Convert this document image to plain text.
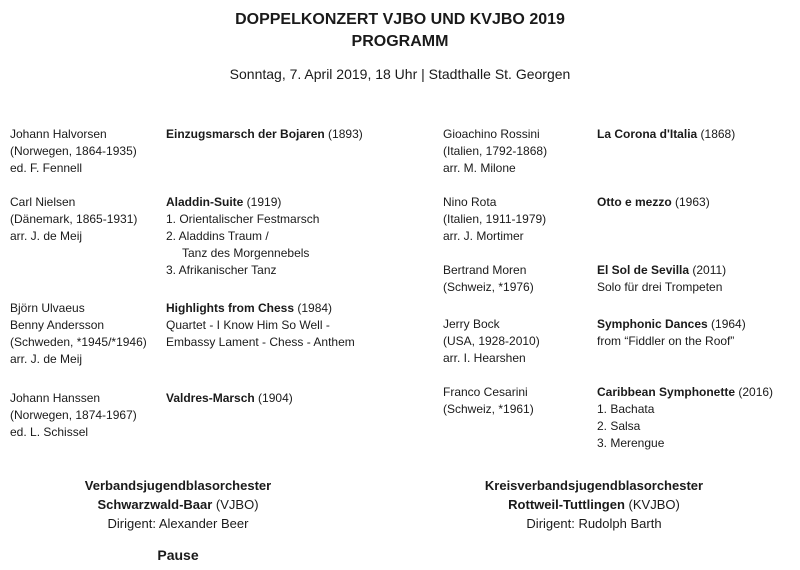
DOPPELKONZERT VJBO UND KVJBO 2019
PROGRAMM
Sonntag, 7. April 2019, 18 Uhr | Stadthalle St. Georgen
Johann Halvorsen
(Norwegen, 1864-1935)
ed. F. Fennell
Einzugsmarsch der Bojaren (1893)
Carl Nielsen
(Dänemark, 1865-1931)
arr. J. de Meij
Aladdin-Suite (1919)
1. Orientalischer Festmarsch
2. Aladdins Traum /
Tanz des Morgennebels
3. Afrikanischer Tanz
Björn Ulvaeus
Benny Andersson
(Schweden, *1945/*1946)
arr. J. de Meij
Highlights from Chess (1984)
Quartet - I Know Him So Well -
Embassy Lament - Chess - Anthem
Johann Hanssen
(Norwegen, 1874-1967)
ed. L. Schissel
Valdres-Marsch (1904)
Gioachino Rossini
(Italien, 1792-1868)
arr. M. Milone
La Corona d'Italia (1868)
Nino Rota
(Italien, 1911-1979)
arr. J. Mortimer
Otto e mezzo (1963)
Bertrand Moren
(Schweiz, *1976)
El Sol de Sevilla (2011)
Solo für drei Trompeten
Jerry Bock
(USA, 1928-2010)
arr. I. Hearshen
Symphonic Dances (1964)
from “Fiddler on the Roof”
Franco Cesarini
(Schweiz, *1961)
Caribbean Symphonette (2016)
1. Bachata
2. Salsa
3. Merengue
Verbandsjugendblasorchester
Schwarzwald-Baar (VJBO)
Dirigent: Alexander Beer
Kreisverbandsjugendblasorchester
Rottweil-Tuttlingen (KVJBO)
Dirigent: Rudolph Barth
Pause
